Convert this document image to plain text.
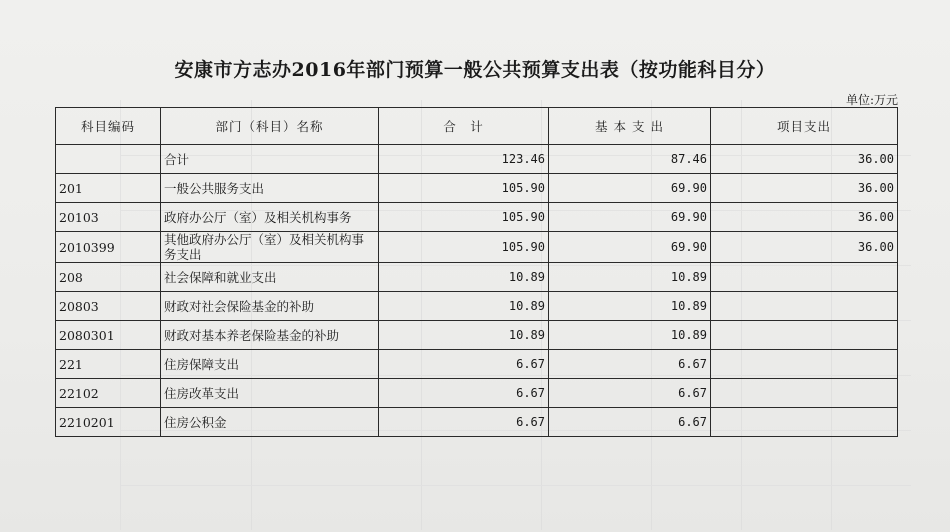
安康市方志办2016年部门预算一般公共预算支出表（按功能科目分）
单位:万元
科目编码	部门（科目）名称	合　计	基 本 支 出	项目支出
	合计	123.46	87.46	36.00
201	一般公共服务支出	105.90	69.90	36.00
20103	政府办公厅（室）及相关机构事务	105.90	69.90	36.00
2010399	其他政府办公厅（室）及相关机构事务支出	105.90	69.90	36.00
208	社会保障和就业支出	10.89	10.89	
20803	财政对社会保险基金的补助	10.89	10.89	
2080301	财政对基本养老保险基金的补助	10.89	10.89	
221	住房保障支出	6.67	6.67	
22102	住房改革支出	6.67	6.67	
2210201	住房公积金	6.67	6.67	
